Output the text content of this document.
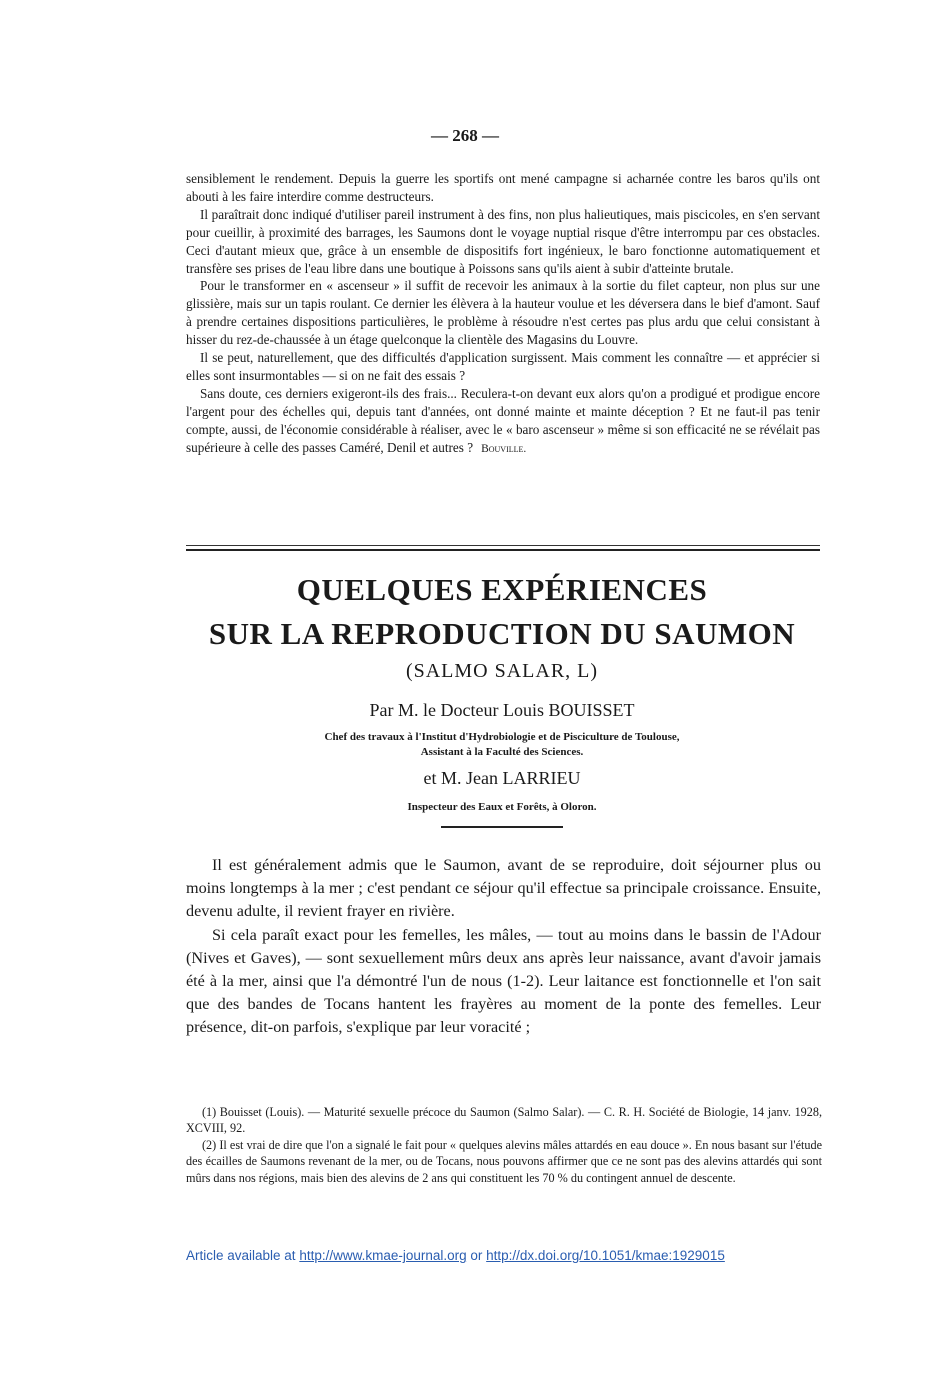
— 268 —

sensiblement le rendement. Depuis la guerre les sportifs ont mené campagne si acharnée contre les baros qu'ils ont abouti à les faire interdire comme destructeurs.

Il paraîtrait donc indiqué d'utiliser pareil instrument à des fins, non plus halieutiques, mais piscicoles, en s'en servant pour cueillir, à proximité des barrages, les Saumons dont le voyage nuptial risque d'être interrompu par ces obstacles. Ceci d'autant mieux que, grâce à un ensemble de dispositifs fort ingénieux, le baro fonctionne automatiquement et transfère ses prises de l'eau libre dans une boutique à Poissons sans qu'ils aient à subir d'atteinte brutale.

Pour le transformer en « ascenseur » il suffit de recevoir les animaux à la sortie du filet capteur, non plus sur une glissière, mais sur un tapis roulant. Ce dernier les élèvera à la hauteur voulue et les déversera dans le bief d'amont. Sauf à prendre certaines dispositions particulières, le problème à résoudre n'est certes pas plus ardu que celui consistant à hisser du rez-de-chaussée à un étage quelconque la clientèle des Magasins du Louvre.

Il se peut, naturellement, que des difficultés d'application surgissent. Mais comment les connaître — et apprécier si elles sont insurmontables — si on ne fait des essais ?

Sans doute, ces derniers exigeront-ils des frais... Reculera-t-on devant eux alors qu'on a prodigué et prodigue encore l'argent pour des échelles qui, depuis tant d'années, ont donné mainte et mainte déception ? Et ne faut-il pas tenir compte, aussi, de l'économie considérable à réaliser, avec le « baro ascenseur » même si son efficacité ne se révélait pas supérieure à celle des passes Caméré, Denil et autres ? Bouville.

QUELQUES EXPÉRIENCES
SUR LA REPRODUCTION DU SAUMON
(SALMO SALAR, L)
Par M. le Docteur Louis BOUISSET
Chef des travaux à l'Institut d'Hydrobiologie et de Pisciculture de Toulouse,
Assistant à la Faculté des Sciences.
et M. Jean LARRIEU
Inspecteur des Eaux et Forêts, à Oloron.

Il est généralement admis que le Saumon, avant de se reproduire, doit séjourner plus ou moins longtemps à la mer ; c'est pendant ce séjour qu'il effectue sa principale croissance. Ensuite, devenu adulte, il revient frayer en rivière.

Si cela paraît exact pour les femelles, les mâles, — tout au moins dans le bassin de l'Adour (Nives et Gaves), — sont sexuellement mûrs deux ans après leur naissance, avant d'avoir jamais été à la mer, ainsi que l'a démontré l'un de nous (1-2). Leur laitance est fonctionnelle et l'on sait que des bandes de Tocans hantent les frayères au moment de la ponte des femelles. Leur présence, dit-on parfois, s'explique par leur voracité ;

(1) Bouisset (Louis). — Maturité sexuelle précoce du Saumon (Salmo Salar). — C. R. H. Société de Biologie, 14 janv. 1928, XCVIII, 92.

(2) Il est vrai de dire que l'on a signalé le fait pour « quelques alevins mâles attardés en eau douce ». En nous basant sur l'étude des écailles de Saumons revenant de la mer, ou de Tocans, nous pouvons affirmer que ce ne sont pas des alevins attardés qui sont mûrs dans nos régions, mais bien des alevins de 2 ans qui constituent les 70 % du contingent annuel de descente.

Article available at http://www.kmae-journal.org or http://dx.doi.org/10.1051/kmae:1929015
